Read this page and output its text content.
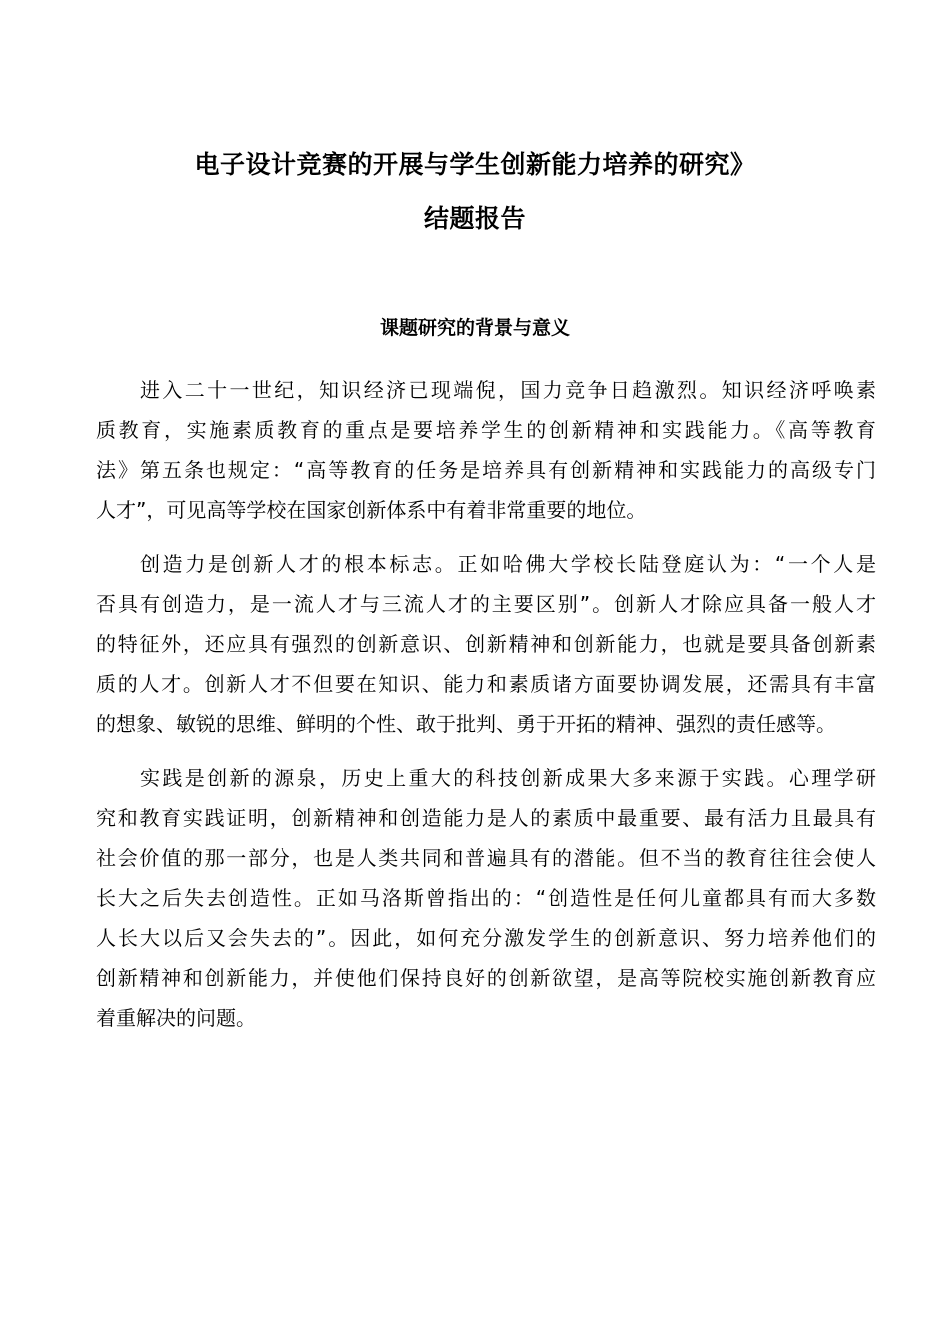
电子设计竞赛的开展与学生创新能力培养的研究》
结题报告
课题研究的背景与意义
进入二十一世纪，知识经济已现端倪，国力竞争日趋激烈。知识经济呼唤素
质教育，实施素质教育的重点是要培养学生的创新精神和实践能力。《高等教育
法》第五条也规定：“高等教育的任务是培养具有创新精神和实践能力的高级专门
人才”，可见高等学校在国家创新体系中有着非常重要的地位。
创造力是创新人才的根本标志。正如哈佛大学校长陆登庭认为：“一个人是
否具有创造力，是一流人才与三流人才的主要区别”。创新人才除应具备一般人才
的特征外，还应具有强烈的创新意识、创新精神和创新能力，也就是要具备创新素
质的人才。创新人才不但要在知识、能力和素质诸方面要协调发展，还需具有丰富
的想象、敏锐的思维、鲜明的个性、敢于批判、勇于开拓的精神、强烈的责任感等。
实践是创新的源泉，历史上重大的科技创新成果大多来源于实践。心理学研
究和教育实践证明，创新精神和创造能力是人的素质中最重要、最有活力且最具有
社会价值的那一部分，也是人类共同和普遍具有的潜能。但不当的教育往往会使人
长大之后失去创造性。正如马洛斯曾指出的：“创造性是任何儿童都具有而大多数
人长大以后又会失去的”。因此，如何充分激发学生的创新意识、努力培养他们的
创新精神和创新能力，并使他们保持良好的创新欲望，是高等院校实施创新教育应
着重解决的问题。
